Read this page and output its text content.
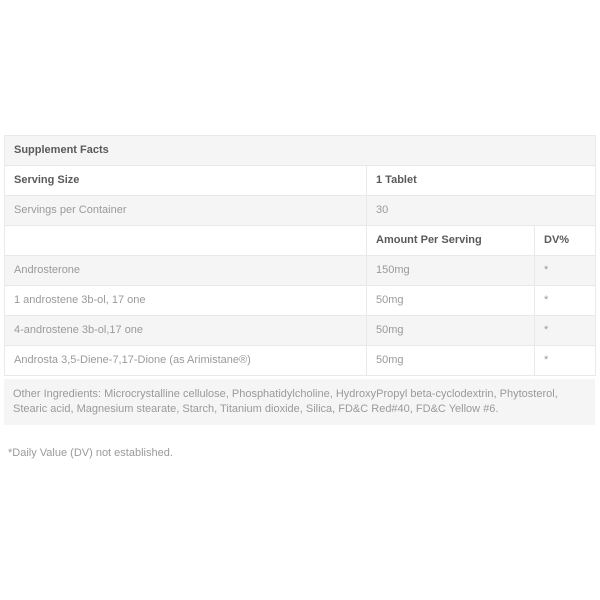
Supplement Facts		
Serving Size	1 Tablet	
Servings per Container	30	
	Amount Per Serving	DV%
Androsterone	150mg	*
1 androstene 3b-ol, 17 one	50mg	*
4-androstene 3b-ol,17 one	50mg	*
Androsta 3,5-Diene-7,17-Dione (as Arimistane®)	50mg	*
Other Ingredients: Microcrystalline cellulose, Phosphatidylcholine, HydroxyPropyl beta-cyclodextrin, Phytosterol, Stearic acid, Magnesium stearate, Starch, Titanium dioxide, Silica, FD&C Red#40, FD&C Yellow #6.
*Daily Value (DV) not established.
